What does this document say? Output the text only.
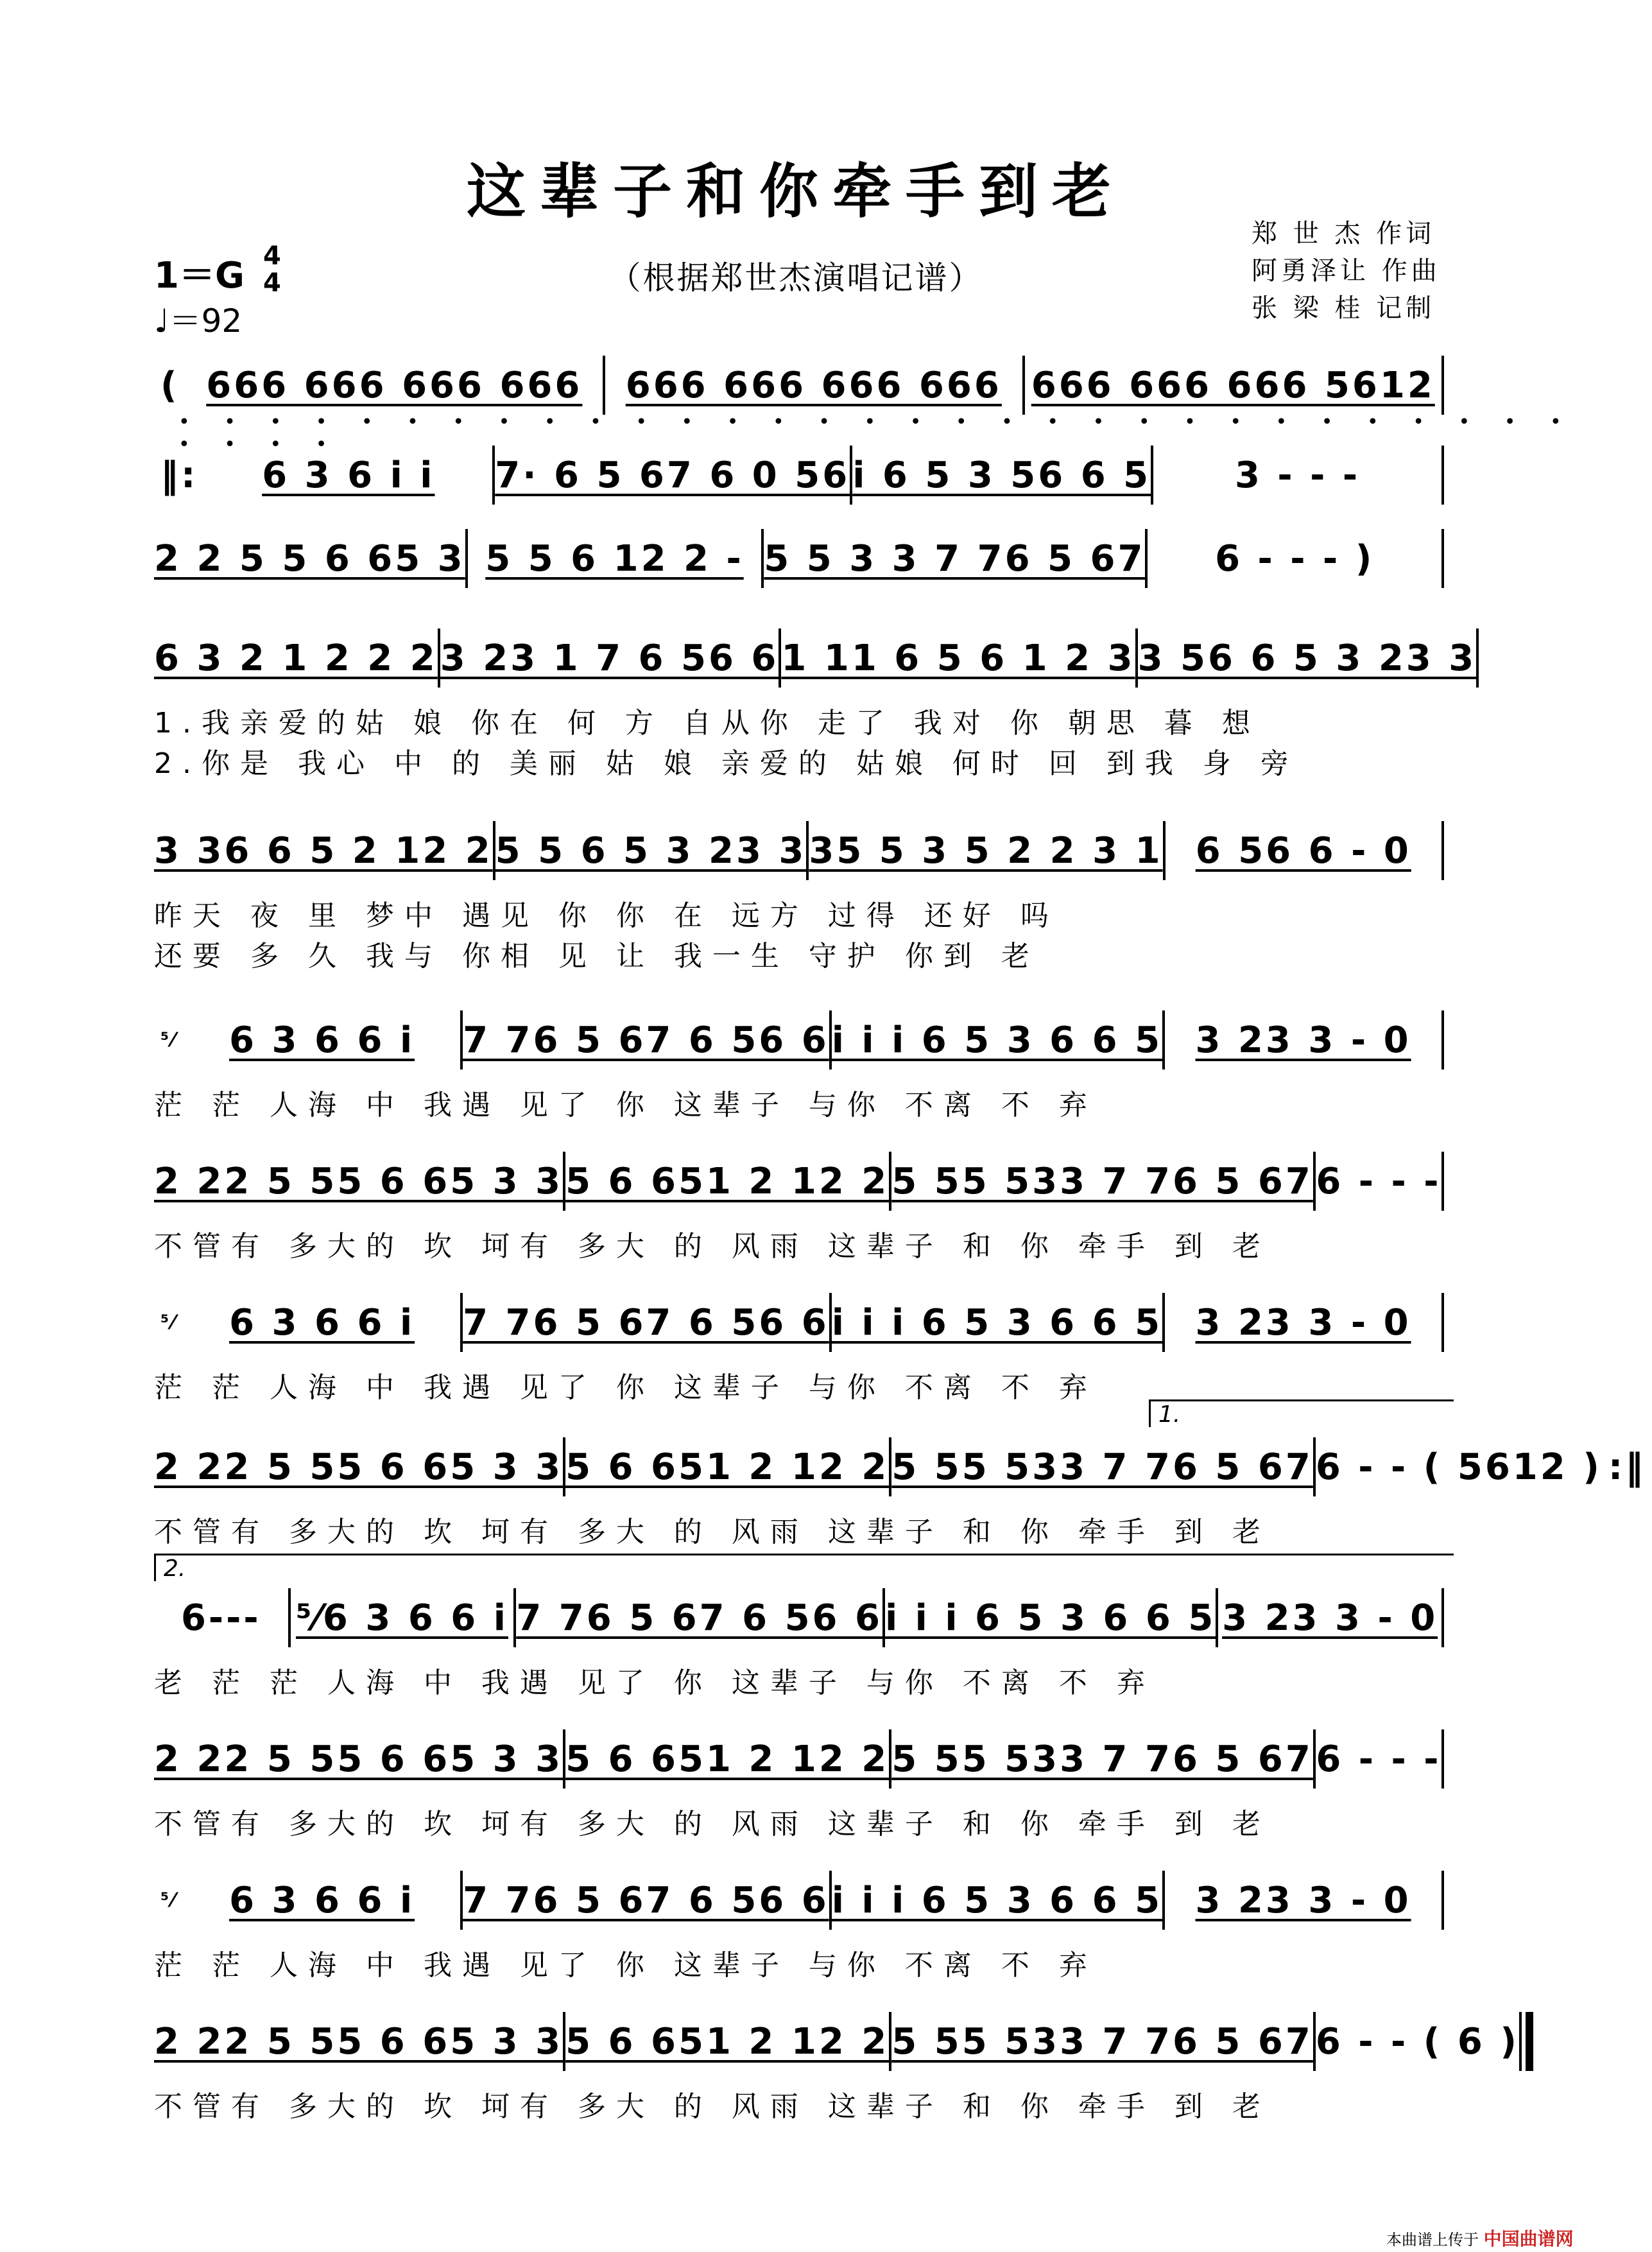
这辈子和你牵手到老
（根据郑世杰演唱记谱）
1＝G 4
4
♩＝92
郑 世 杰 作词
阿勇泽让 作曲
张 梁 桂 记制
( 666 666 666 666	666 666 666 666 666 666 666 5612
• • • • • • • • • • • • • • • • • • • • • • • • • • • • • • • • • • •
‖:	6 3 6 i i	7· 6 5 67 6 0 56 i 6 5 3 56 6 5	3 - - -
2 2 5 5 6 65 3 5 5 6 12 2 - 5 5 3 3 7 76 5 67	6 - - - )
6 3 2 1 2 2 2 3 23 1 7 6 56 6 1 11 6 5 6 1 2 3 3 56 6 5 3 23 3
1.我亲爱的姑 娘 你在 何 方 自从你 走了 我对 你 朝思 暮 想
2.你是 我心 中 的 美丽 姑 娘 亲爱的 姑娘 何时 回 到我 身 旁
3 36 6 5 2 12 2 5 5 6 5 3 23 3 35 5 3 5 2 2 3 1 6 56 6 - 0
昨天 夜 里 梦中 遇见 你 你 在 远方 过得 还好 吗
还要 多 久 我与 你相 见 让 我一生 守护 你到 老
⁵⁄	6 3 6 6 i	7 76 5 67 6 56 6 i i i 6 5 3 6 6 5 3 23 3 - 0
茫 茫 人海 中 我遇 见了 你 这辈子 与你 不离 不 弃
2 22 5 55 6 65 3 3 5 6 651 2 12 2 5 55 533 7 76 5 67 6 - - -
不管有 多大的 坎 坷有 多大 的 风雨 这辈子 和 你 牵手 到 老
⁵⁄	6 3 6 6 i	7 76 5 67 6 56 6 i i i 6 5 3 6 6 5 3 23 3 - 0
茫 茫 人海 中 我遇 见了 你 这辈子 与你 不离 不 弃
1.
2 22 5 55 6 65 3 3 5 6 651 2 12 2 5 55 533 7 76 5 67 6 - - ( 5612 ) :‖
不管有 多大的 坎 坷有 多大 的 风雨 这辈子 和 你 牵手 到 老
2.
6--- ⁵⁄6 3 6 6 i 7 76 5 67 6 56 6 i i i 6 5 3 6 6 5 3 23 3 - 0
老 茫 茫 人海 中 我遇 见了 你 这辈子 与你 不离 不 弃
2 22 5 55 6 65 3 3 5 6 651 2 12 2 5 55 533 7 76 5 67 6 - - -
不管有 多大的 坎 坷有 多大 的 风雨 这辈子 和 你 牵手 到 老
⁵⁄	6 3 6 6 i	7 76 5 67 6 56 6 i i i 6 5 3 6 6 5 3 23 3 - 0
茫 茫 人海 中 我遇 见了 你 这辈子 与你 不离 不 弃
2 22 5 55 6 65 3 3 5 6 651 2 12 2 5 55 533 7 76 5 67 6 - - ( 6 )
不管有 多大的 坎 坷有 多大 的 风雨 这辈子 和 你 牵手 到 老
本曲谱上传于 中国曲谱网
